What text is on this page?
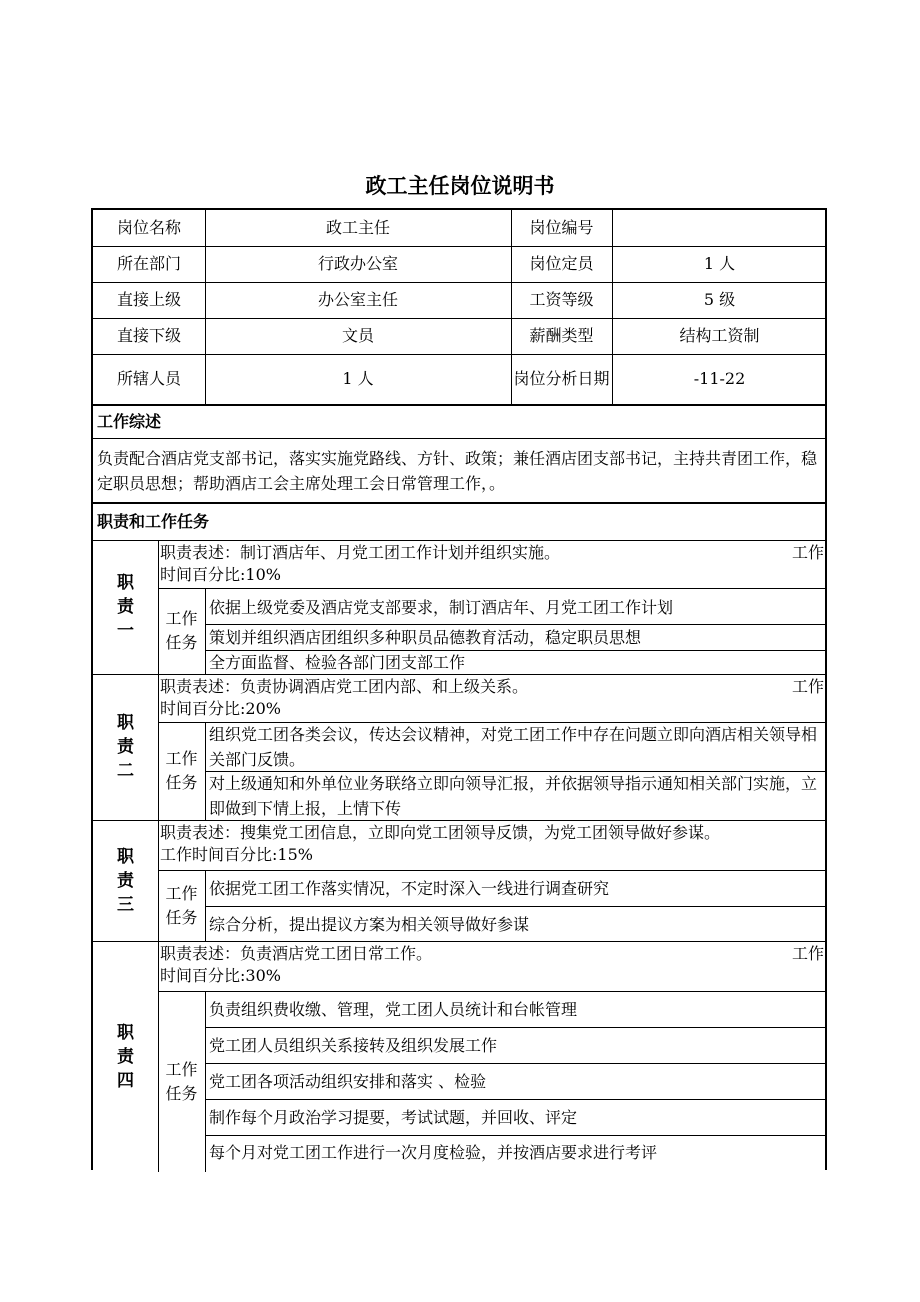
政工主任岗位说明书
岗位名称	政工主任	岗位编号
所在部门	行政办公室	岗位定员	1 人
直接上级	办公室主任	工资等级	5 级
直接下级	文员	薪酬类型	结构工资制
所辖人员	1 人	岗位分析日期	-11-22
工作综述
负责配合酒店党支部书记，落实实施党路线、方针、政策；兼任酒店团支部书记，主持共青团工作，稳定职员思想；帮助酒店工会主席处理工会日常管理工作，。
职责和工作任务
职
责
一
职责表述：制订酒店年、月党工团工作计划并组织实施。	工作
时间百分比:10%
工作任务
依据上级党委及酒店党支部要求，制订酒店年、月党工团工作计划
策划并组织酒店团组织多种职员品德教育活动，稳定职员思想
全方面监督、检验各部门团支部工作
职
责
二
职责表述：负责协调酒店党工团内部、和上级关系。	工作
时间百分比:20%
工作任务
组织党工团各类会议，传达会议精神，对党工团工作中存在问题立即向酒店相关领导相关部门反馈。
对上级通知和外单位业务联络立即向领导汇报，并依据领导指示通知相关部门实施，立即做到下情上报，上情下传
职
责
三
职责表述：搜集党工团信息，立即向党工团领导反馈，为党工团领导做好参谋。
工作时间百分比:15%
工作任务
依据党工团工作落实情况，不定时深入一线进行调查研究
综合分析，提出提议方案为相关领导做好参谋
职
责
四
职责表述：负责酒店党工团日常工作。	工作
时间百分比:30%
工作任务
负责组织费收缴、管理，党工团人员统计和台帐管理
党工团人员组织关系接转及组织发展工作
党工团各项活动组织安排和落实 、检验
制作每个月政治学习提要，考试试题，并回收、评定
每个月对党工团工作进行一次月度检验，并按酒店要求进行考评
